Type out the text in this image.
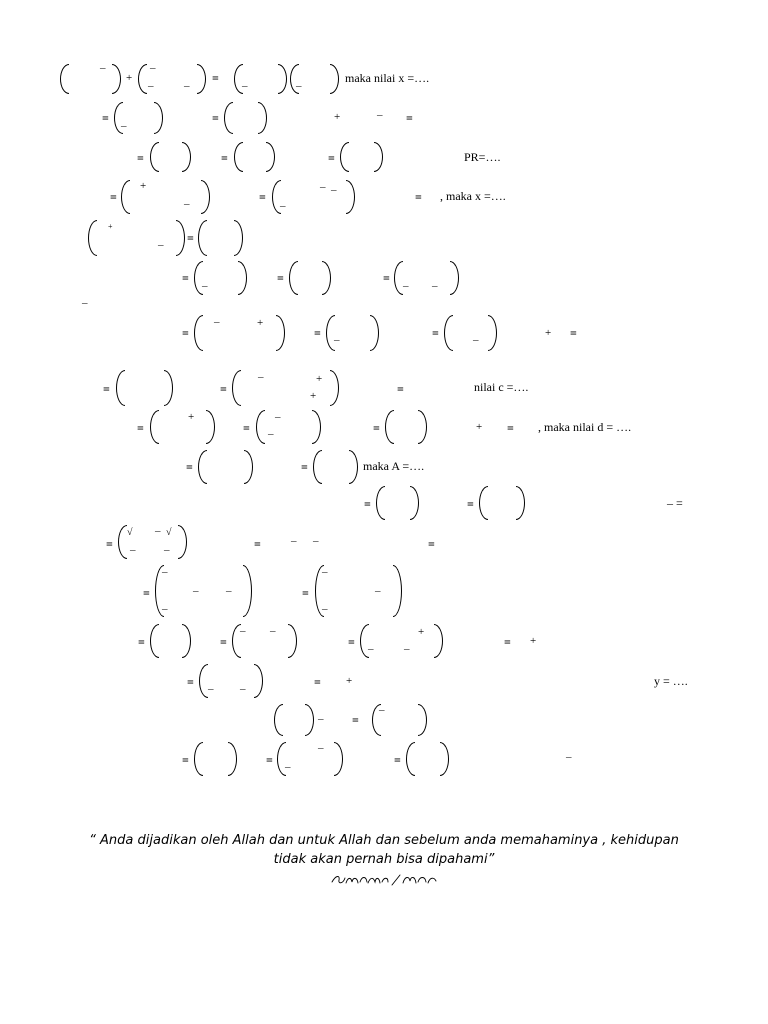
–
+
–
–	–
=
–	–
maka nilai x =….
=
–
=	+	– =
=	=	=	PR=….
=
+
–	=
–
– –	= , maka x =….
+
– =
=
–
=	=
– –
–
=
–	+
= –	=	–
+ =
=	=
–	+
+	=	nilai c =….
=
+
=
–
–	=	+ = , maka nilai d = ….
=	=	maka A =….
=	=	– =
=
√ – √
–	–	=	– –	=
=
–
–	–
–
=
–
–
–
=	=
– –
= –	–
+
= +
= – –	= +	y = ….
– =
–
=	= –
–
=	–
“ Anda dijadikan oleh Allah dan untuk Allah dan sebelum anda memahaminya , kehidupan
tidak akan pernah bisa dipahami”
